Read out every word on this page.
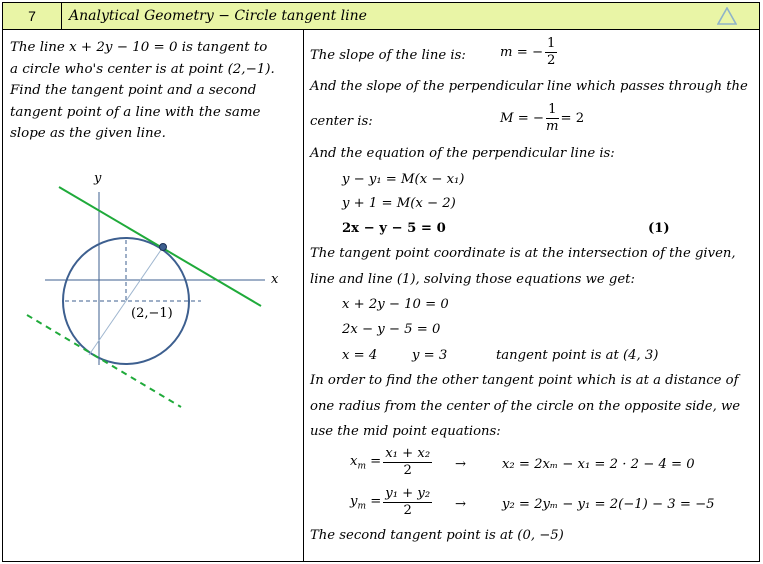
7	Analytical Geometry − Circle tangent line

The line x + 2y − 10 = 0 is tangent to

a circle who's center is at point (2,−1).

Find the tangent point and a second

tangent point of a line with the same

slope as the given line.

y
x
(2,−1)
The slope of the line is:	m = − $\frac{1}{2}$
And the slope of the perpendicular line which passes through the
center is:	M = − $\frac{1}{m} = 2$
And the equation of the perpendicular line is:
y − y₁ = M(x − x₁)
y + 1 = M(x − 2)
2x − y − 5 = 0	(1)
The tangent point coordinate is at the intersection of the given,
line and line (1), solving those equations we get:
x + 2y − 10 = 0
2x − y − 5 = 0
x = 4	y = 3	tangent point is at (4, 3)
In order to find the other tangent point which is at a distance of
one radius from the center of the circle on the opposite side, we
use the mid point equations:
$x_m = \frac{\text{x₁ + x₂}}{2}$ →	x₂ = 2xₘ − x₁ = 2 · 2 − 4 = 0
$y_m = \frac{\text{y₁ + y₂}}{2}$ →	y₂ = 2yₘ − y₁ = 2(−1) − 3 = −5
The second tangent point is at (0, −5)
